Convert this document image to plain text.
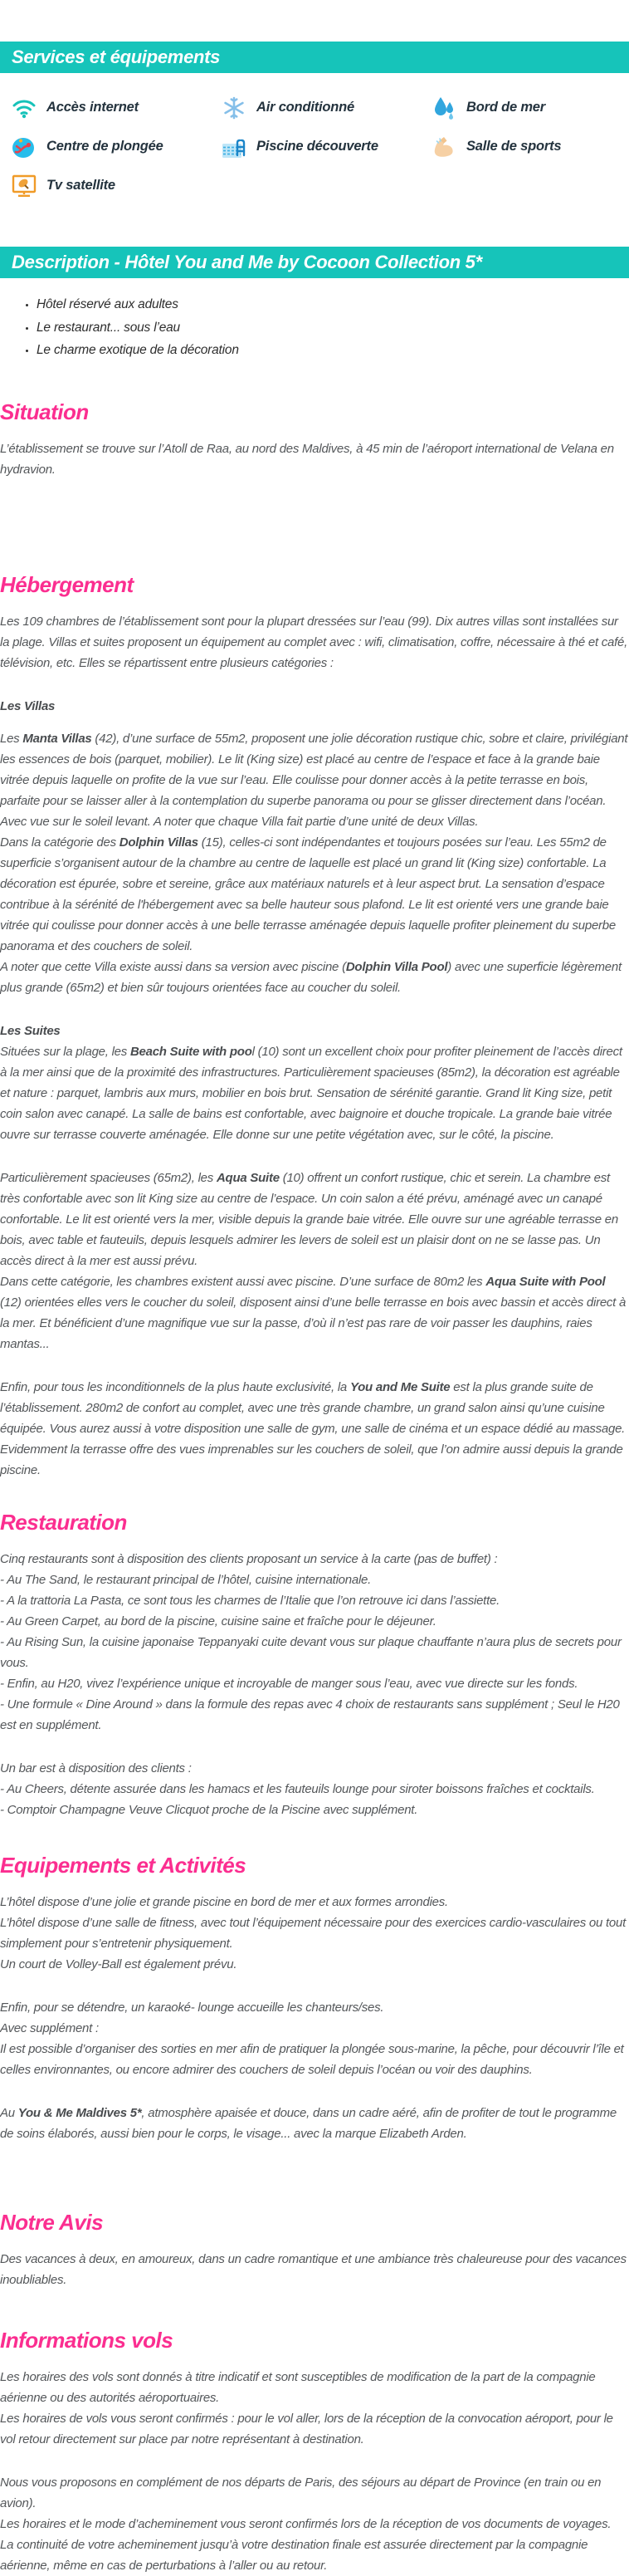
Services et équipements
Accès internet	Air conditionné	Bord de mer
Centre de plongée	Piscine découverte	Salle de sports
Tv satellite
Description - Hôtel You and Me by Cocoon Collection 5*
• Hôtel réservé aux adultes
• Le restaurant... sous l’eau
• Le charme exotique de la décoration
Situation

L’établissement se trouve sur l’Atoll de Raa, au nord des Maldives, à 45 min de l’aéroport international de Velana en hydravion.

Hébergement

Les 109 chambres de l’établissement sont pour la plupart dressées sur l’eau (99). Dix autres villas sont installées sur la plage. Villas et suites proposent un équipement au complet avec : wifi, climatisation, coffre, nécessaire à thé et café, télévision, etc. Elles se répartissent entre plusieurs catégories :

Les Villas

Les Manta Villas (42), d’une surface de 55m2, proposent une jolie décoration rustique chic, sobre et claire, privilégiant les essences de bois (parquet, mobilier). Le lit (King size) est placé au centre de l’espace et face à la grande baie vitrée depuis laquelle on profite de la vue sur l’eau. Elle coulisse pour donner accès à la petite terrasse en bois, parfaite pour se laisser aller à la contemplation du superbe panorama ou pour se glisser directement dans l’océan. Avec vue sur le soleil levant. A noter que chaque Villa fait partie d’une unité de deux Villas.
Dans la catégorie des Dolphin Villas (15), celles-ci sont indépendantes et toujours posées sur l’eau. Les 55m2 de superficie s’organisent autour de la chambre au centre de laquelle est placé un grand lit (King size) confortable. La décoration est épurée, sobre et sereine, grâce aux matériaux naturels et à leur aspect brut. La sensation d’espace contribue à la sérénité de l'hébergement avec sa belle hauteur sous plafond. Le lit est orienté vers une grande baie vitrée qui coulisse pour donner accès à une belle terrasse aménagée depuis laquelle profiter pleinement du superbe panorama et des couchers de soleil.
A noter que cette Villa existe aussi dans sa version avec piscine (Dolphin Villa Pool) avec une superficie légèrement plus grande (65m2) et bien sûr toujours orientées face au coucher du soleil.

Les Suites
Situées sur la plage, les Beach Suite with pool (10) sont un excellent choix pour profiter pleinement de l’accès direct à la mer ainsi que de la proximité des infrastructures. Particulièrement spacieuses (85m2), la décoration est agréable et nature : parquet, lambris aux murs, mobilier en bois brut. Sensation de sérénité garantie. Grand lit King size, petit coin salon avec canapé. La salle de bains est confortable, avec baignoire et douche tropicale. La grande baie vitrée ouvre sur terrasse couverte aménagée. Elle donne sur une petite végétation avec, sur le côté, la piscine.

Particulièrement spacieuses (65m2), les Aqua Suite (10) offrent un confort rustique, chic et serein. La chambre est très confortable avec son lit King size au centre de l’espace. Un coin salon a été prévu, aménagé avec un canapé confortable. Le lit est orienté vers la mer, visible depuis la grande baie vitrée. Elle ouvre sur une agréable terrasse en bois, avec table et fauteuils, depuis lesquels admirer les levers de soleil est un plaisir dont on ne se lasse pas. Un accès direct à la mer est aussi prévu.
Dans cette catégorie, les chambres existent aussi avec piscine. D’une surface de 80m2 les Aqua Suite with Pool (12) orientées elles vers le coucher du soleil, disposent ainsi d’une belle terrasse en bois avec bassin et accès direct à la mer. Et bénéficient d’une magnifique vue sur la passe, d’où il n’est pas rare de voir passer les dauphins, raies mantas...

Enfin, pour tous les inconditionnels de la plus haute exclusivité, la You and Me Suite est la plus grande suite de l’établissement. 280m2 de confort au complet, avec une très grande chambre, un grand salon ainsi qu’une cuisine équipée. Vous aurez aussi à votre disposition une salle de gym, une salle de cinéma et un espace dédié au massage. Evidemment la terrasse offre des vues imprenables sur les couchers de soleil, que l’on admire aussi depuis la grande piscine.

Restauration

Cinq restaurants sont à disposition des clients proposant un service à la carte (pas de buffet) :
- Au The Sand, le restaurant principal de l’hôtel, cuisine internationale.
- A la trattoria La Pasta, ce sont tous les charmes de l’Italie que l’on retrouve ici dans l’assiette.
- Au Green Carpet, au bord de la piscine, cuisine saine et fraîche pour le déjeuner.
- Au Rising Sun, la cuisine japonaise Teppanyaki cuite devant vous sur plaque chauffante n’aura plus de secrets pour vous.
- Enfin, au H20, vivez l’expérience unique et incroyable de manger sous l’eau, avec vue directe sur les fonds.
- Une formule « Dine Around » dans la formule des repas avec 4 choix de restaurants sans supplément ; Seul le H20 est en supplément.

Un bar est à disposition des clients :
- Au Cheers, détente assurée dans les hamacs et les fauteuils lounge pour siroter boissons fraîches et cocktails.
- Comptoir Champagne Veuve Clicquot proche de la Piscine avec supplément.

Equipements et Activités

L’hôtel dispose d’une jolie et grande piscine en bord de mer et aux formes arrondies.
L’hôtel dispose d’une salle de fitness, avec tout l’équipement nécessaire pour des exercices cardio-vasculaires ou tout simplement pour s’entretenir physiquement.
Un court de Volley-Ball est également prévu.

Enfin, pour se détendre, un karaoké- lounge accueille les chanteurs/ses.
Avec supplément :
Il est possible d’organiser des sorties en mer afin de pratiquer la plongée sous-marine, la pêche, pour découvrir l’île et celles environnantes, ou encore admirer des couchers de soleil depuis l’océan ou voir des dauphins.

Au You & Me Maldives 5*, atmosphère apaisée et douce, dans un cadre aéré, afin de profiter de tout le programme de soins élaborés, aussi bien pour le corps, le visage... avec la marque Elizabeth Arden.

Notre Avis

Des vacances à deux, en amoureux, dans un cadre romantique et une ambiance très chaleureuse pour des vacances inoubliables.

Informations vols

Les horaires des vols sont donnés à titre indicatif et sont susceptibles de modification de la part de la compagnie aérienne ou des autorités aéroportuaires.
Les horaires de vols vous seront confirmés : pour le vol aller, lors de la réception de la convocation aéroport, pour le vol retour directement sur place par notre représentant à destination.

Nous vous proposons en complément de nos départs de Paris, des séjours au départ de Province (en train ou en avion).
Les horaires et le mode d’acheminement vous seront confirmés lors de la réception de vos documents de voyages.
La continuité de votre acheminement jusqu’à votre destination finale est assurée directement par la compagnie aérienne, même en cas de perturbations à l’aller ou au retour.
